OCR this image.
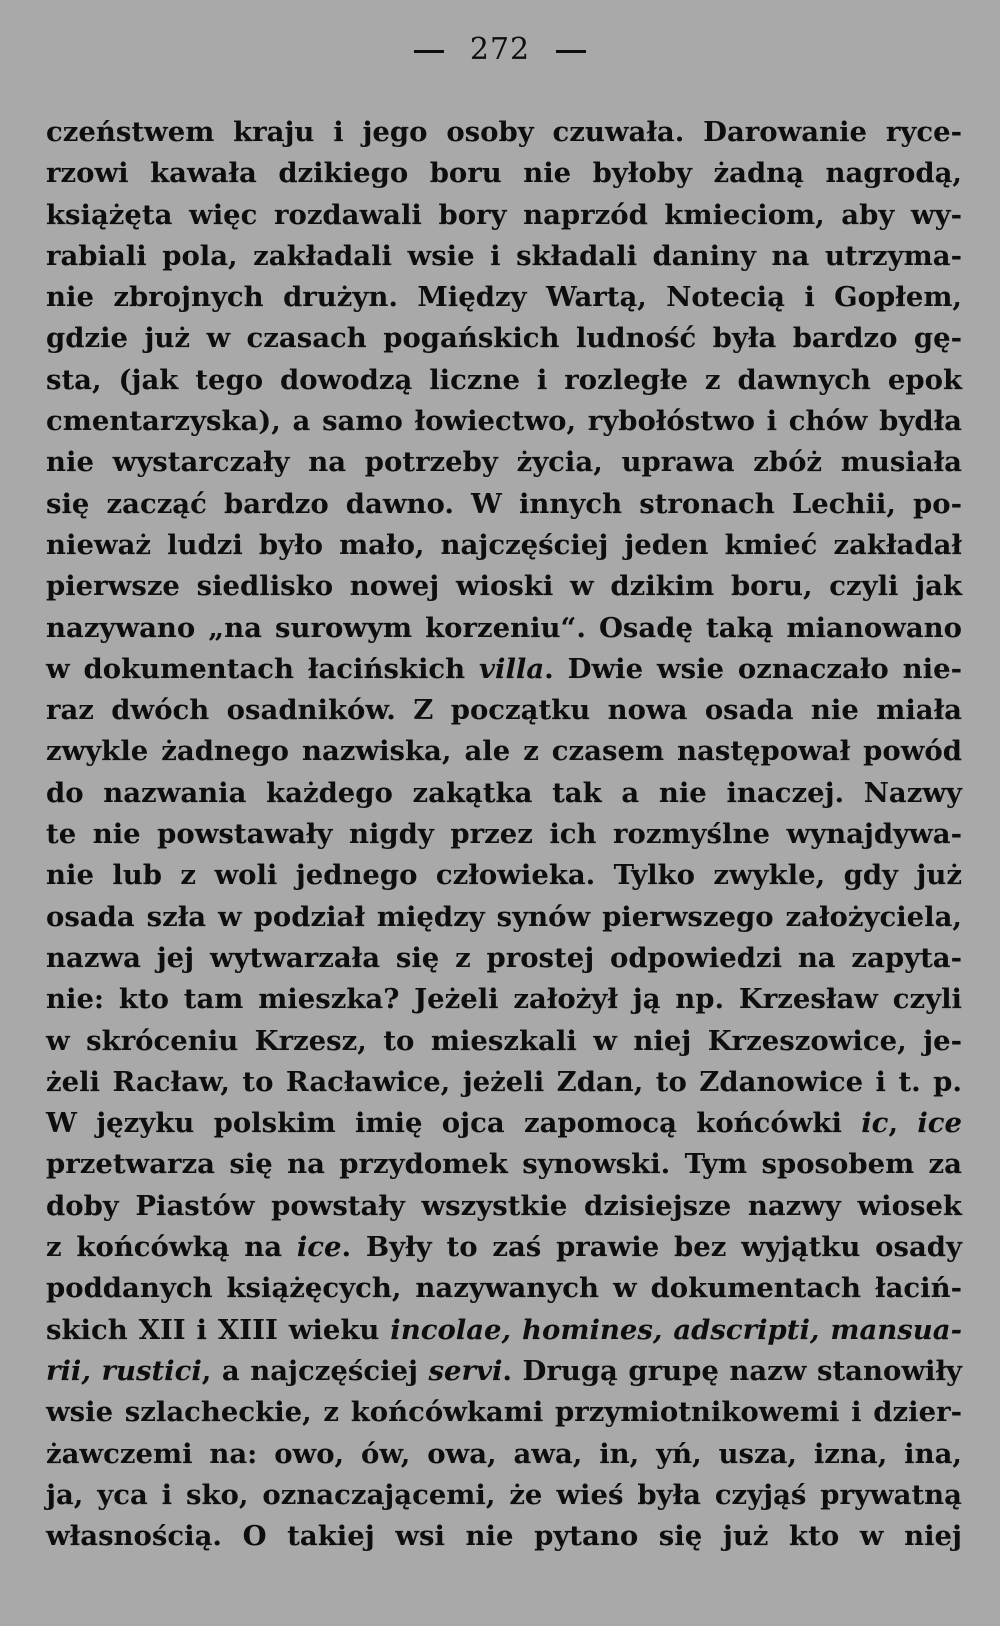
272
czeństwem kraju i jego osoby czuwała. Darowanie ryce-
rzowi kawała dzikiego boru nie byłoby żadną nagrodą,
książęta więc rozdawali bory naprzód kmieciom, aby wy-
rabiali pola, zakładali wsie i składali daniny na utrzyma-
nie zbrojnych drużyn. Między Wartą, Notecią i Gopłem,
gdzie już w czasach pogańskich ludność była bardzo gę-
sta, (jak tego dowodzą liczne i rozległe z dawnych epok
cmentarzyska), a samo łowiectwo, rybołóstwo i chów bydła
nie wystarczały na potrzeby życia, uprawa zbóż musiała
się zacząć bardzo dawno. W innych stronach Lechii, po-
nieważ ludzi było mało, najczęściej jeden kmieć zakładał
pierwsze siedlisko nowej wioski w dzikim boru, czyli jak
nazywano „na surowym korzeniu“. Osadę taką mianowano
w dokumentach łacińskich villa. Dwie wsie oznaczało nie-
raz dwóch osadników. Z początku nowa osada nie miała
zwykle żadnego nazwiska, ale z czasem następował powód
do nazwania każdego zakątka tak a nie inaczej. Nazwy
te nie powstawały nigdy przez ich rozmyślne wynajdywa-
nie lub z woli jednego człowieka. Tylko zwykle, gdy już
osada szła w podział między synów pierwszego założyciela,
nazwa jej wytwarzała się z prostej odpowiedzi na zapyta-
nie: kto tam mieszka? Jeżeli założył ją np. Krzesław czyli
w skróceniu Krzesz, to mieszkali w niej Krzeszowice, je-
żeli Racław, to Racławice, jeżeli Zdan, to Zdanowice i t. p.
W języku polskim imię ojca zapomocą końcówki ic, ice
przetwarza się na przydomek synowski. Tym sposobem za
doby Piastów powstały wszystkie dzisiejsze nazwy wiosek
z końcówką na ice. Były to zaś prawie bez wyjątku osady
poddanych książęcych, nazywanych w dokumentach łaciń-
skich XII i XIII wieku incolae, homines, adscripti, mansua-
rii, rustici, a najczęściej servi. Drugą grupę nazw stanowiły
wsie szlacheckie, z końcówkami przymiotnikowemi i dzier-
żawczemi na: owo, ów, owa, awa, in, yń, usza, izna, ina,
ja, yca i sko, oznaczającemi, że wieś była czyjąś prywatną
własnością. O takiej wsi nie pytano się już kto w niej
